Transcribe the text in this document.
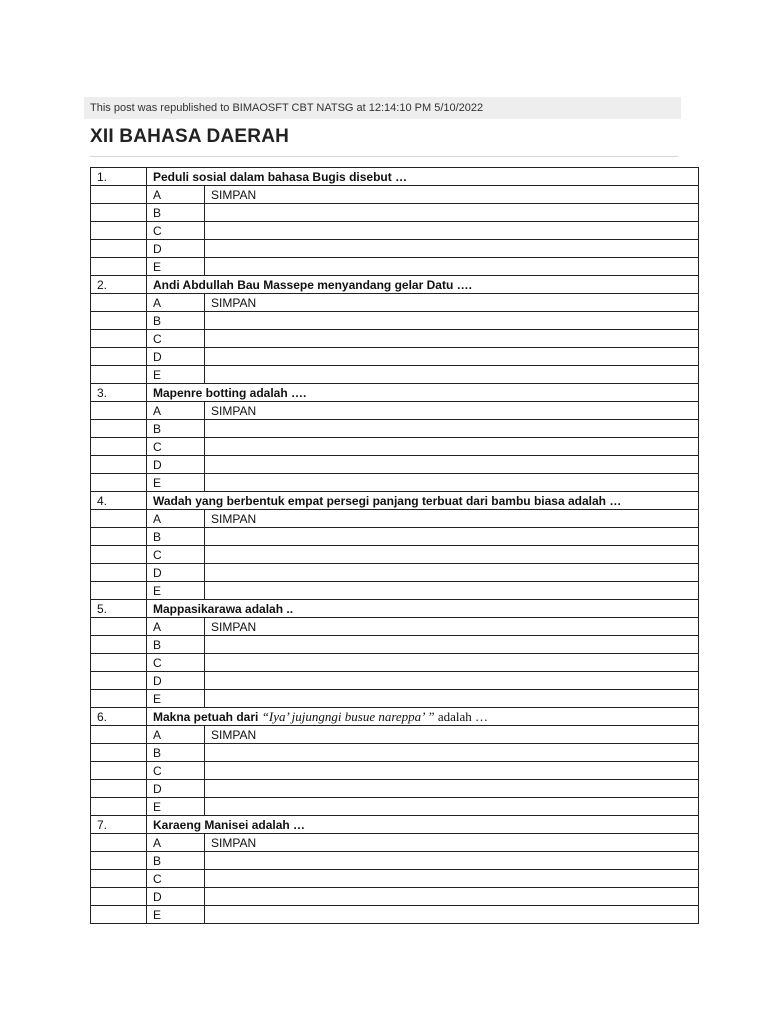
This post was republished to BIMAOSFT CBT NATSG at 12:14:10 PM 5/10/2022
XII BAHASA DAERAH
1.	Peduli sosial dalam bahasa Bugis disebut …	
	A	SIMPAN
	B	
	C	
	D	
	E	
2.	Andi Abdullah Bau Massepe menyandang gelar Datu ….	
	A	SIMPAN
	B	
	C	
	D	
	E	
3.	Mapenre botting adalah ….	
	A	SIMPAN
	B	
	C	
	D	
	E	
4.	Wadah yang berbentuk empat persegi panjang terbuat dari bambu biasa adalah …	
	A	SIMPAN
	B	
	C	
	D	
	E	
5.	Mappasikarawa adalah ..	
	A	SIMPAN
	B	
	C	
	D	
	E	
6.	Makna petuah dari “Iya’ jujungngi busue nareppa’ ” adalah …	
	A	SIMPAN
	B	
	C	
	D	
	E	
7.	Karaeng Manisei adalah …	
	A	SIMPAN
	B	
	C	
	D	
	E	
